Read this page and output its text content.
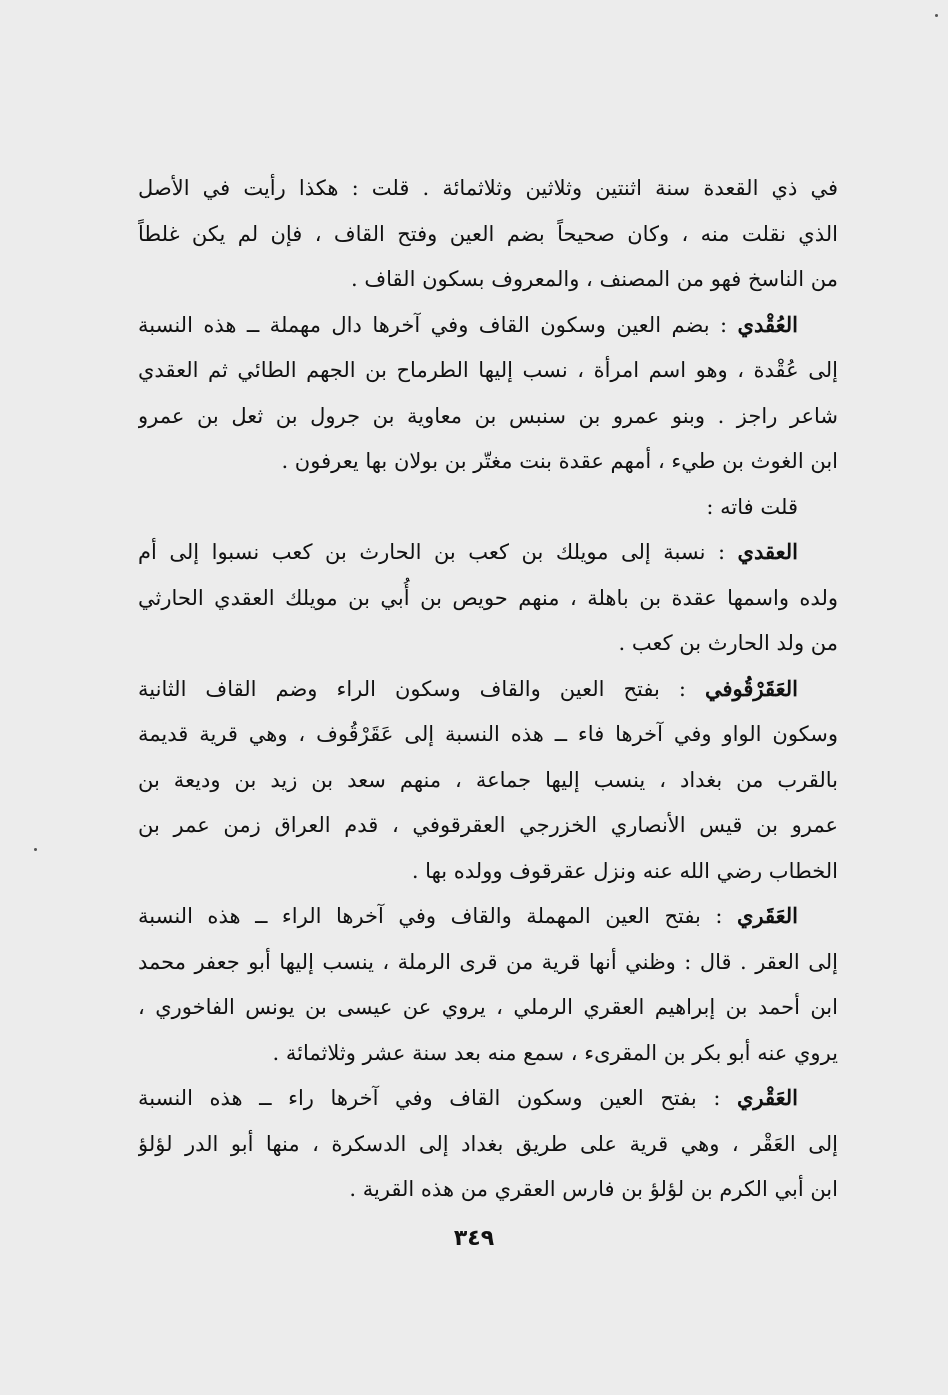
في ذي القعدة سنة اثنتين وثلاثين وثلاثمائة . قلت : هكذا رأيت في الأصل
الذي نقلت منه ، وكان صحيحاً بضم العين وفتح القاف ، فإن لم يكن غلطاً
من الناسخ فهو من المصنف ، والمعروف بسكون القاف .
العُقْدي : بضم العين وسكون القاف وفي آخرها دال مهملة ــ هذه النسبة
إلى عُقْدة ، وهو اسم امرأة ، نسب إليها الطرماح بن الجهم الطائي ثم العقدي
شاعر راجز . وبنو عمرو بن سنبس بن معاوية بن جرول بن ثعل بن عمرو
ابن الغوث بن طيء ، أمهم عقدة بنت مغتّر بن بولان بها يعرفون .
قلت فاته :
العقدي : نسبة إلى مويلك بن كعب بن الحارث بن كعب نسبوا إلى أم
ولده واسمها عقدة بن باهلة ، منهم حويص بن أُبي بن مويلك العقدي الحارثي
من ولد الحارث بن كعب .
العَقَرْقُوفي : بفتح العين والقاف وسكون الراء وضم القاف الثانية
وسكون الواو وفي آخرها فاء ــ هذه النسبة إلى عَقَرْقُوف ، وهي قرية قديمة
بالقرب من بغداد ، ينسب إليها جماعة ، منهم سعد بن زيد بن وديعة بن
عمرو بن قيس الأنصاري الخزرجي العقرقوفي ، قدم العراق زمن عمر بن
الخطاب رضي الله عنه ونزل عقرقوف وولده بها .
العَقَري : بفتح العين المهملة والقاف وفي آخرها الراء ــ هذه النسبة
إلى العقر . قال : وظني أنها قرية من قرى الرملة ، ينسب إليها أبو جعفر محمد
ابن أحمد بن إبراهيم العقري الرملي ، يروي عن عيسى بن يونس الفاخوري ،
يروي عنه أبو بكر بن المقرىء ، سمع منه بعد سنة عشر وثلاثمائة .
العَقْري : بفتح العين وسكون القاف وفي آخرها راء ــ هذه النسبة
إلى العَقْر ، وهي قرية على طريق بغداد إلى الدسكرة ، منها أبو الدر لؤلؤ
ابن أبي الكرم بن لؤلؤ بن فارس العقري من هذه القرية .
٣٤٩
